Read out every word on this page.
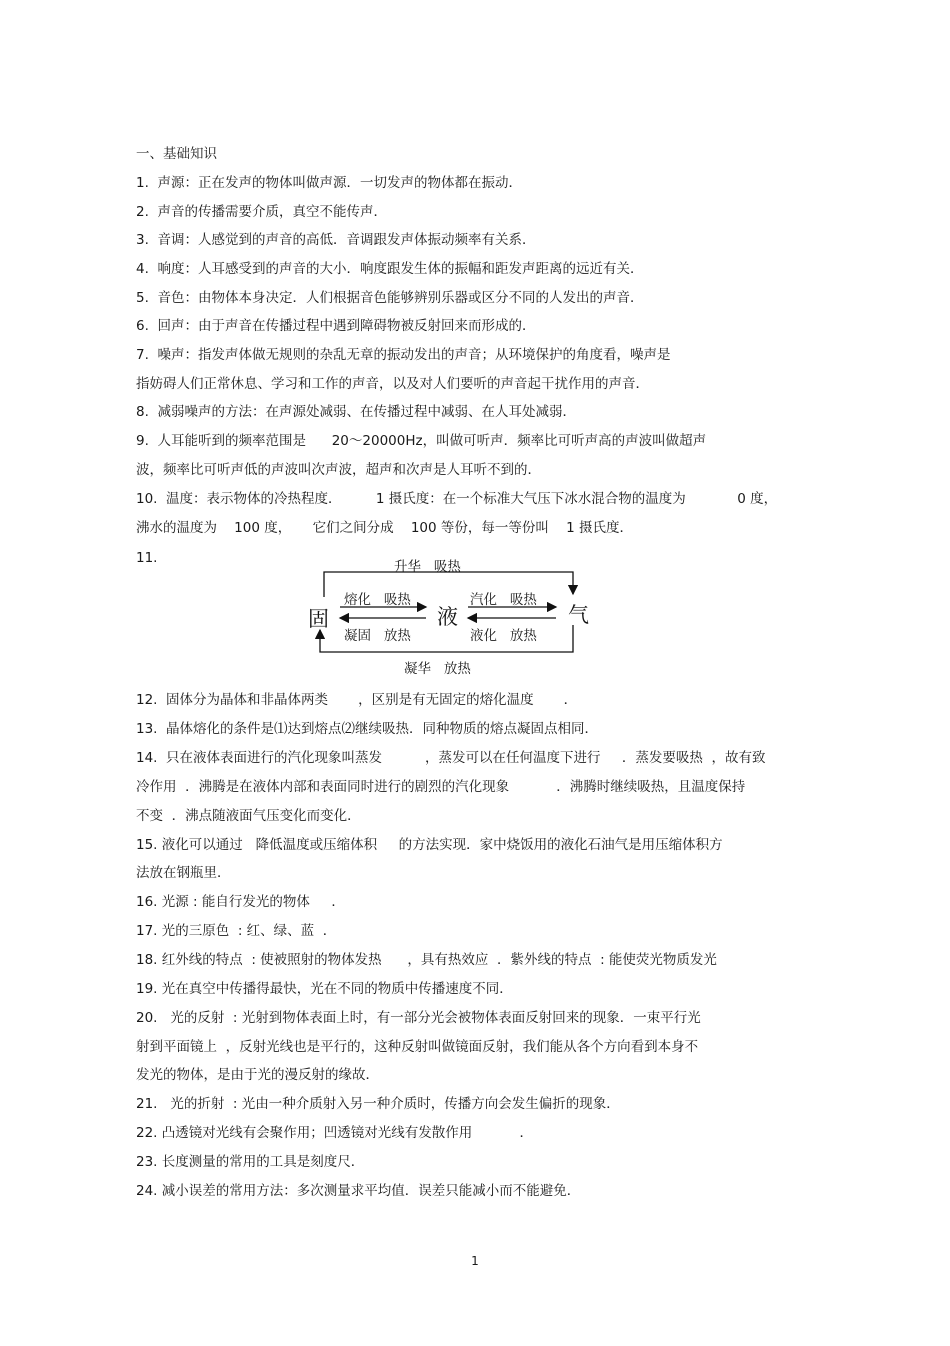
一、基础知识
1.  声源：正在发声的物体叫做声源．一切发声的物体都在振动．
2.  声音的传播需要介质，真空不能传声．
3.  音调：人感觉到的声音的高低．音调跟发声体振动频率有关系．
4.  响度：人耳感受到的声音的大小．响度跟发生体的振幅和距发声距离的远近有关．
5.  音色：由物体本身决定．人们根据音色能够辨别乐器或区分不同的人发出的声音．
6.  回声：由于声音在传播过程中遇到障碍物被反射回来而形成的．
7.  噪声：指发声体做无规则的杂乱无章的振动发出的声音；从环境保护的角度看，噪声是
指妨碍人们正常休息、学习和工作的声音，以及对人们要听的声音起干扰作用的声音．
8.  减弱噪声的方法：在声源处减弱、在传播过程中减弱、在人耳处减弱．
9.  人耳能听到的频率范围是      20～20000Hz，叫做可听声．频率比可听声高的声波叫做超声
波，频率比可听声低的声波叫次声波，超声和次声是人耳听不到的．
10.  温度：表示物体的冷热程度．        1 摄氏度：在一个标准大气压下冰水混合物的温度为            0 度，
沸水的温度为    100 度，     它们之间分成    100 等份，每一等份叫    1 摄氏度．
11.
升华   吸热
凝华   放热
熔化   吸热
凝固   放热
汽化   吸热
液化   放热
固	液	气
12.  固体分为晶体和非晶体两类       ，区别是有无固定的熔化温度       ．
13.  晶体熔化的条件是⑴达到熔点⑵继续吸热．同种物质的熔点凝固点相同．
14.  只在液体表面进行的汽化现象叫蒸发          ，蒸发可以在任何温度下进行     ．蒸发要吸热  ，故有致
冷作用  ．沸腾是在液体内部和表面同时进行的剧烈的汽化现象           ．沸腾时继续吸热，且温度保持
不变  ．沸点随液面气压变化而变化．
15. 液化可以通过   降低温度或压缩体积     的方法实现．家中烧饭用的液化石油气是用压缩体积方
法放在钢瓶里．
16. 光源 : 能自行发光的物体     ．
17. 光的三原色  : 红、绿、蓝  ．
18. 红外线的特点  : 使被照射的物体发热      ，具有热效应  ．紫外线的特点  : 能使荧光物质发光
19. 光在真空中传播得最快，光在不同的物质中传播速度不同．
20.   光的反射  : 光射到物体表面上时，有一部分光会被物体表面反射回来的现象．一束平行光
射到平面镜上  ，反射光线也是平行的，这种反射叫做镜面反射，我们能从各个方向看到本身不
发光的物体，是由于光的漫反射的缘故．
21.   光的折射  : 光由一种介质射入另一种介质时，传播方向会发生偏折的现象．
22. 凸透镜对光线有会聚作用；凹透镜对光线有发散作用           ．
23. 长度测量的常用的工具是刻度尺．
24. 减小误差的常用方法：多次测量求平均值．误差只能减小而不能避免．
1
